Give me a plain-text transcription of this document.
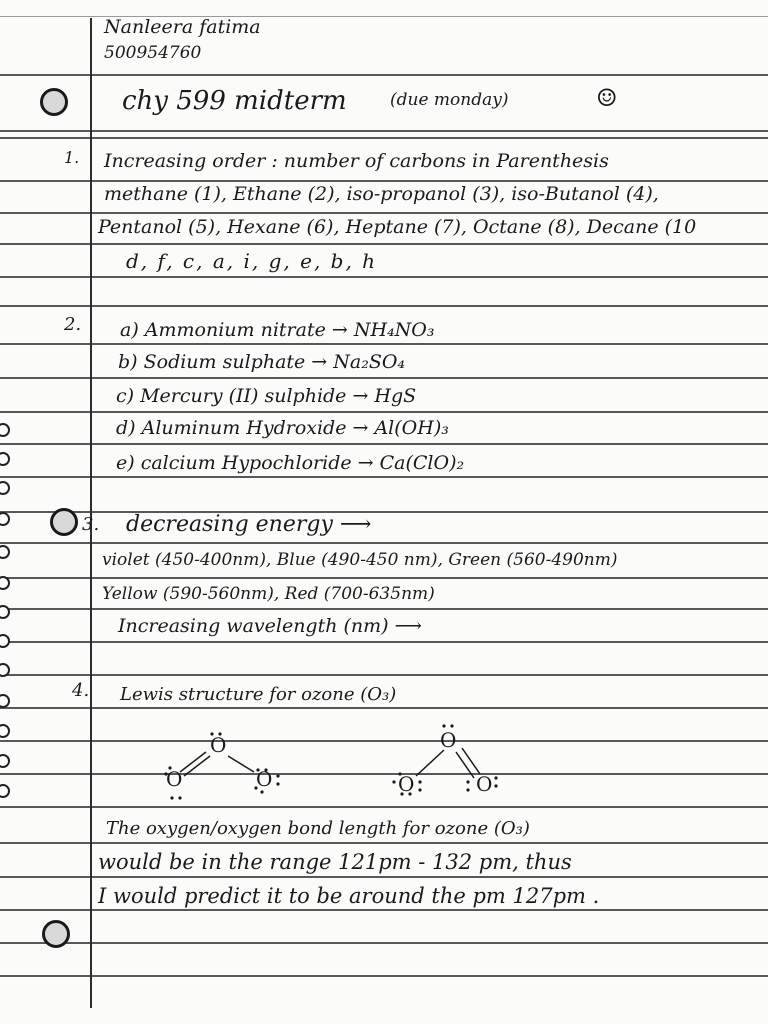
Nanleera fatima
500954760
chy 599 midterm	(due monday)	☺
1. Increasing order : number of carbons in Parenthesis
methane (1), Ethane (2), iso-propanol (3), iso-Butanol (4),
Pentanol (5), Hexane (6), Heptane (7), Octane (8), Decane (10
d, f, c, a, i, g, e, b, h
2. a) Ammonium nitrate → NH₄NO₃
b) Sodium sulphate → Na₂SO₄
c) Mercury (II) sulphide → HgS
d) Aluminum Hydroxide → Al(OH)₃
e) calcium Hypochloride → Ca(ClO)₂
3. decreasing energy ⟶
violet (450-400nm), Blue (490-450 nm), Green (560-490nm)
Yellow (590-560nm), Red (700-635nm)
Increasing wavelength (nm) ⟶
4. Lewis structure for ozone (O₃)
O
O	O
O
O	O
The oxygen/oxygen bond length for ozone (O₃)
would be in the range 121pm - 132 pm, thus
I would predict it to be around the pm 127pm .
